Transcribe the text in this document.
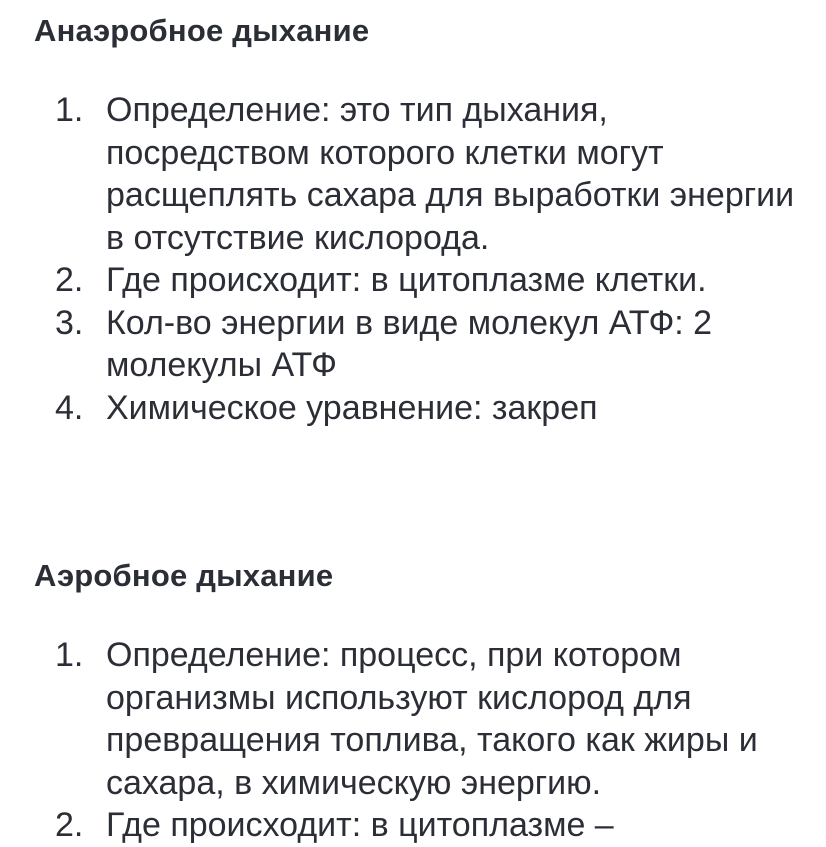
Анаэробное дыхание
1. Определение: это тип дыхания, посредством которого клетки могут расщеплять сахара для выработки энергии в отсутствие кислорода.
2. Где происходит: в цитоплазме клетки.
3. Кол-во энергии в виде молекул АТФ: 2 молекулы АТФ
4. Химическое уравнение: закреп
Аэробное дыхание
1. Определение: процесс, при котором организмы используют кислород для превращения топлива, такого как жиры и сахара, в химическую энергию.
2. Где происходит: в цитоплазме –
